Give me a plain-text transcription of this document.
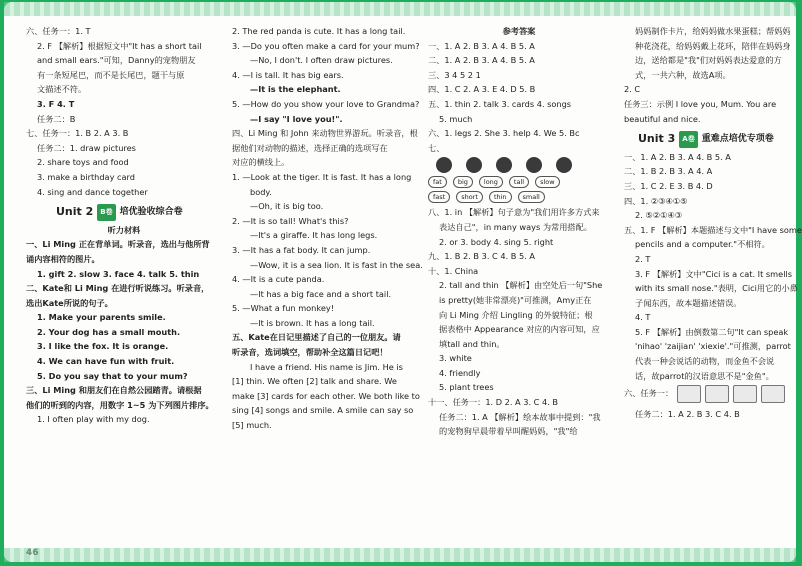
六、任务一：1. T
2. F 【解析】根据短文中"It has a short tail
and small ears."可知，Danny的宠物朋友
有一条短尾巴，而不是长尾巴，题干与原
文描述不符。
3. F 4. T
任务二：B
七、任务一：1. B 2. A 3. B
任务二：1. draw pictures
2. share toys and food
3. make a birthday card
4. sing and dance together
Unit 2	B卷 培优验收综合卷
听力材料
一、Li Ming 正在背单词。听录音，选出与他所背
诵内容相符的图片。
1. gift 2. slow 3. face 4. talk 5. thin
二、Kate和 Li Ming 在进行听说练习。听录音，
选出Kate所说的句子。
1. Make your parents smile.
2. Your dog has a small mouth.
3. I like the fox. It is orange.
4. We can have fun with fruit.
5. Do you say that to your mum?
三、Li Ming 和朋友们在自然公园踏青。请根据
他们的听到的内容，用数字 1~5 为下列图片排序。
1. I often play with my dog.
2. The red panda is cute. It has a long tail.
3. —Do you often make a card for your mum?
—No, I don't. I often draw pictures.
4. —I is tall. It has big ears.
—It is the elephant.
5. —How do you show your love to Grandma?
—I say "I love you!".
四、Li Ming 和 John 来动物世界游玩。听录音，根
据他们对动物的描述，选择正确的选项写在
对应的横线上。
1. —Look at the tiger. It is fast. It has a long
body.
—Oh, it is big too.
2. —It is so tall! What's this?
—It's a giraffe. It has long legs.
3. —It has a fat body. It can jump.
—Wow, it is a sea lion. It is fast in the sea.
4. —It is a cute panda.
—It has a big face and a short tail.
5. —What a fun monkey!
—It is brown. It has a long tail.
五、Kate在日记里描述了自己的一位朋友。请
听录音，选词填空，帮助补全这篇日记吧！
I have a friend. His name is Jim. He is
[1] thin. We often [2] talk and share. We
make [3] cards for each other. We both like to
sing [4] songs and smile. A smile can say so
[5] much.
参考答案
一、1. A 2. B 3. A 4. B 5. A
二、1. A 2. B 3. A 4. B 5. A
三、3 4 5 2 1
四、1. C 2. A 3. E 4. D 5. B
五、1. thin 2. talk 3. cards 4. songs
5. much
六、1. legs 2. She 3. help 4. We 5. Bc
七、
fat	big	long	tall	slow
fast	short	thin	small
八、1. in 【解析】句子意为"我们用许多方式来
表达自己"，in many ways 为常用搭配。
2. or 3. body 4. sing 5. right
九、1. B 2. B 3. C 4. B 5. A
十、1. China
2. tall and thin 【解析】由空处后一句"She
is pretty(她非常漂亮)"可推测，Amy正在
向 Li Ming 介绍 Lingling 的外貌特征；根
据表格中 Appearance 对应的内容可知，应
填tall and thin。
3. white
4. friendly
5. plant trees
十一、任务一：1. D 2. A 3. C 4. B
任务二：1. A 【解析】绘本故事中提到："我
的宠物狗早晨带着早叫醒妈妈，"我"给
妈妈制作卡片，给妈妈做水果蛋糕；帮妈妈
种花浇花，给妈妈戴上花环，陪伴在妈妈身
边，送给都是"我"们对妈妈表达爱意的方
式，一共六种，故选A项。
2. C
任务三：示例 I love you, Mum. You are
beautiful and nice.
Unit 3	A卷 重难点培优专项卷
一、1. A 2. B 3. A 4. B 5. A
二、1. B 2. B 3. A 4. A
三、1. C 2. E 3. B 4. D
四、1. ②③④①⑤
2. ⑤②①④③
五、1. F 【解析】本题描述与文中"I have some
pencils and a computer."不相符。
2. T
3. F 【解析】文中"Cici is a cat. It smells
with its small nose."表明，Cici用它的小鼻
子闻东西，故本题描述错误。
4. T
5. F 【解析】由倒数第二句"It can speak
'nihao' 'zaijian' 'xiexie'."可推测，parrot
代表一种会说话的动物，而金鱼不会说
话，故parrot的汉语意思不是"金鱼"。
六、任务一：
任务二：1. A 2. B 3. C 4. B
